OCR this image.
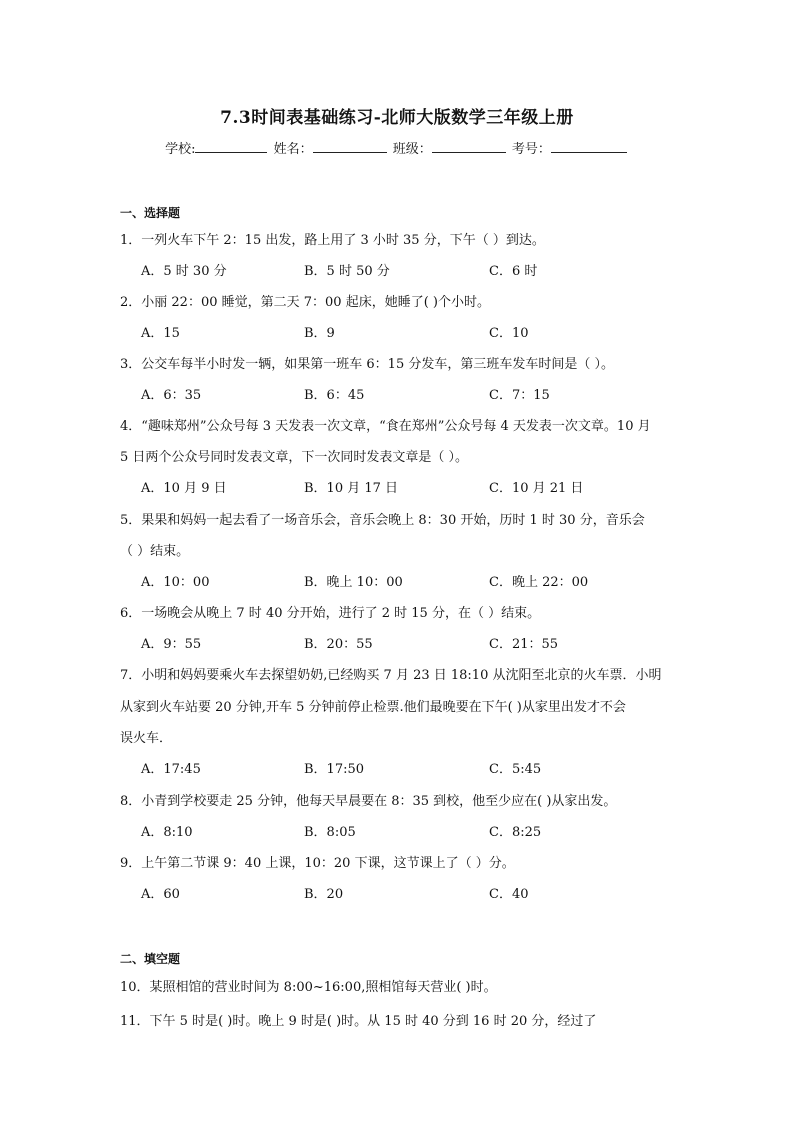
7.3时间表基础练习-北师大版数学三年级上册
学校:	姓名：	班级：	考号：
一、选择题
1．一列火车下午 2：15 出发，路上用了 3 小时 35 分，下午（ ）到达。
A．5 时 30 分	B．5 时 50 分	C．6 时
2．小丽 22：00 睡觉，第二天 7：00 起床，她睡了( )个小时。
A．15	B．9	C．10
3．公交车每半小时发一辆，如果第一班车 6：15 分发车，第三班车发车时间是（ ）。
A．6：35	B．6：45	C．7：15
4．“趣味郑州”公众号每 3 天发表一次文章，“食在郑州”公众号每 4 天发表一次文章。10 月
5 日两个公众号同时发表文章，下一次同时发表文章是（ ）。
A．10 月 9 日	B．10 月 17 日	C．10 月 21 日
5．果果和妈妈一起去看了一场音乐会，音乐会晚上 8：30 开始，历时 1 时 30 分，音乐会
（ ）结束。
A．10：00	B．晚上 10：00	C．晚上 22：00
6．一场晚会从晚上 7 时 40 分开始，进行了 2 时 15 分，在（ ）结束。
A．9：55	B．20：55	C．21：55
7．小明和妈妈要乘火车去探望奶奶,已经购买 7 月 23 日 18:10 从沈阳至北京的火车票．小明
从家到火车站要 20 分钟,开车 5 分钟前停止检票.他们最晚要在下午( )从家里出发才不会
误火车．
A．17:45	B．17:50	C．5:45
8．小青到学校要走 25 分钟，他每天早晨要在 8：35 到校，他至少应在( )从家出发。
A．8:10	B．8:05	C．8:25
9．上午第二节课 9：40 上课，10：20 下课，这节课上了（ ）分。
A．60	B．20	C．40
二、填空题
10．某照相馆的营业时间为 8:00~16:00,照相馆每天营业( )时。
11．下午 5 时是( )时。晚上 9 时是( )时。从 15 时 40 分到 16 时 20 分，经过了
